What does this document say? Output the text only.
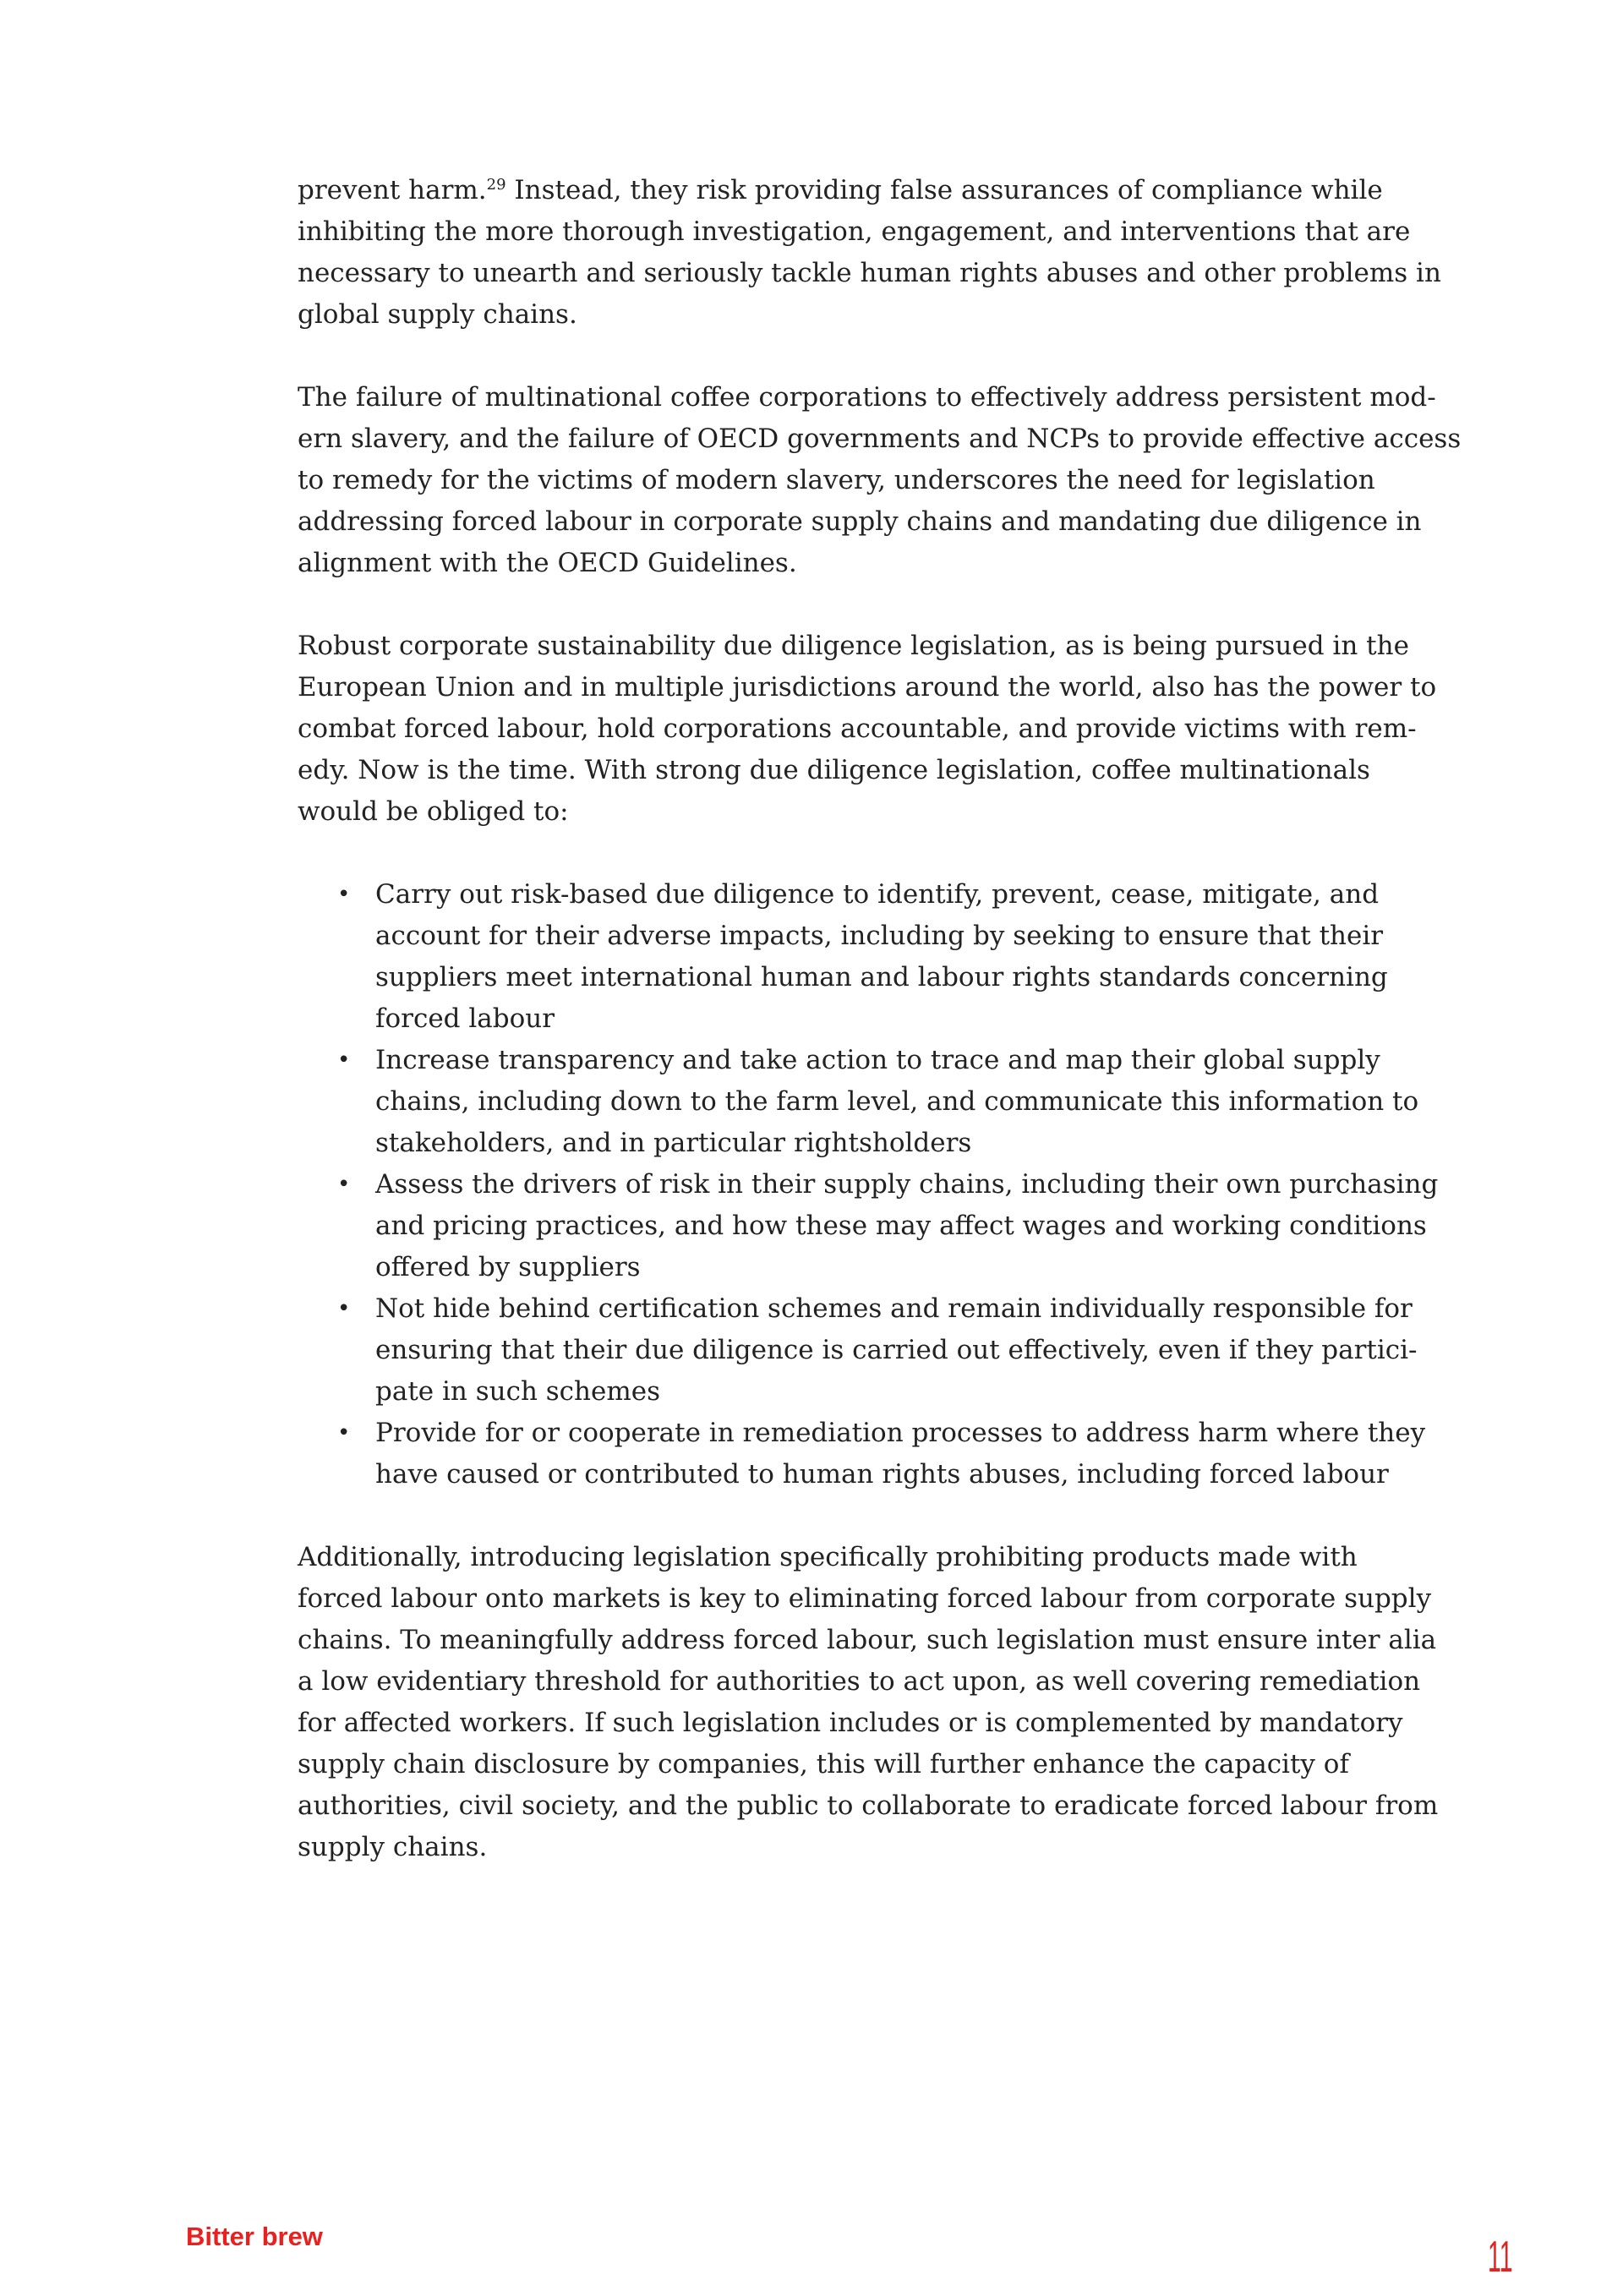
prevent harm.$^{29}$ Instead, they risk providing false assurances of compliance while
inhibiting the more thorough investigation, engagement, and interventions that are
necessary to unearth and seriously tackle human rights abuses and other problems in
global supply chains.

The failure of multinational coffee corporations to effectively address persistent mod-
ern slavery, and the failure of OECD governments and NCPs to provide effective access
to remedy for the victims of modern slavery, underscores the need for legislation
addressing forced labour in corporate supply chains and mandating due diligence in
alignment with the OECD Guidelines.

Robust corporate sustainability due diligence legislation, as is being pursued in the
European Union and in multiple jurisdictions around the world, also has the power to
combat forced labour, hold corporations accountable, and provide victims with rem-
edy. Now is the time. With strong due diligence legislation, coffee multinationals
would be obliged to:

• Carry out risk-based due diligence to identify, prevent, cease, mitigate, and
account for their adverse impacts, including by seeking to ensure that their
suppliers meet international human and labour rights standards concerning
forced labour
• Increase transparency and take action to trace and map their global supply
chains, including down to the farm level, and communicate this information to
stakeholders, and in particular rightsholders
• Assess the drivers of risk in their supply chains, including their own purchasing
and pricing practices, and how these may affect wages and working conditions
offered by suppliers
• Not hide behind certification schemes and remain individually responsible for
ensuring that their due diligence is carried out effectively, even if they partici-
pate in such schemes
• Provide for or cooperate in remediation processes to address harm where they
have caused or contributed to human rights abuses, including forced labour

Additionally, introducing legislation specifically prohibiting products made with
forced labour onto markets is key to eliminating forced labour from corporate supply
chains. To meaningfully address forced labour, such legislation must ensure inter alia
a low evidentiary threshold for authorities to act upon, as well covering remediation
for affected workers. If such legislation includes or is complemented by mandatory
supply chain disclosure by companies, this will further enhance the capacity of
authorities, civil society, and the public to collaborate to eradicate forced labour from
supply chains.

Bitter brew	11
